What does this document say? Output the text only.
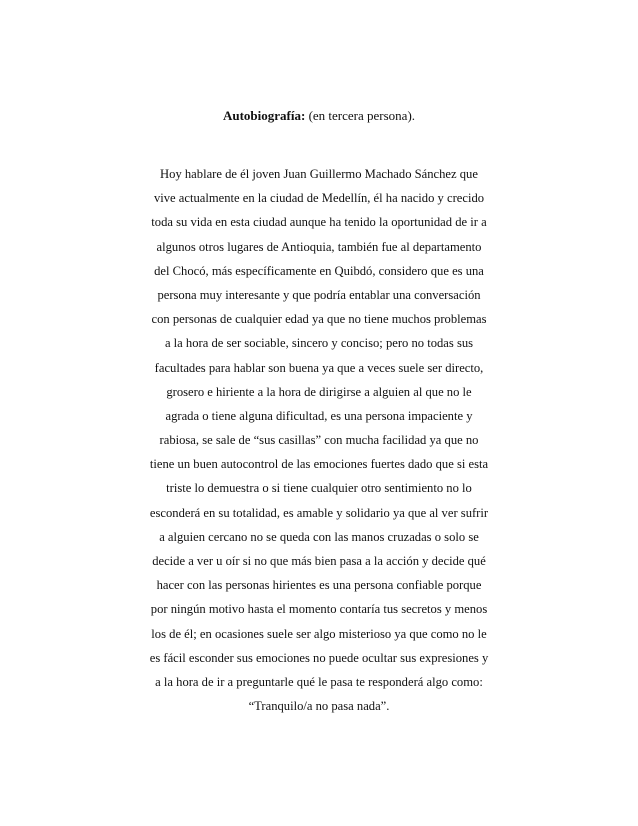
Autobiografía: (en tercera persona).
Hoy hablare de él joven Juan Guillermo Machado Sánchez que
vive actualmente en la ciudad de Medellín, él ha nacido y crecido
toda su vida en esta ciudad aunque ha tenido la oportunidad de ir a
algunos otros lugares de Antioquia, también fue al departamento
del Chocó, más específicamente en Quibdó, considero que es una
persona muy interesante y que podría entablar una conversación
con personas de cualquier edad ya que no tiene muchos problemas
a la hora de ser sociable, sincero y conciso; pero no todas sus
facultades para hablar son buena ya que a veces suele ser directo,
grosero e hiriente a la hora de dirigirse a alguien al que no le
agrada o tiene alguna dificultad, es una persona impaciente y
rabiosa, se sale de “sus casillas” con mucha facilidad ya que no
tiene un buen autocontrol de las emociones fuertes dado que si esta
triste lo demuestra o si tiene cualquier otro sentimiento no lo
esconderá en su totalidad, es amable y solidario ya que al ver sufrir
a alguien cercano no se queda con las manos cruzadas o solo se
decide a ver u oír si no que más bien pasa a la acción y decide qué
hacer con las personas hirientes es una persona confiable porque
por ningún motivo hasta el momento contaría tus secretos y menos
los de él; en ocasiones suele ser algo misterioso ya que como no le
es fácil esconder sus emociones no puede ocultar sus expresiones y
a la hora de ir a preguntarle qué le pasa te responderá algo como:
“Tranquilo/a no pasa nada”.
